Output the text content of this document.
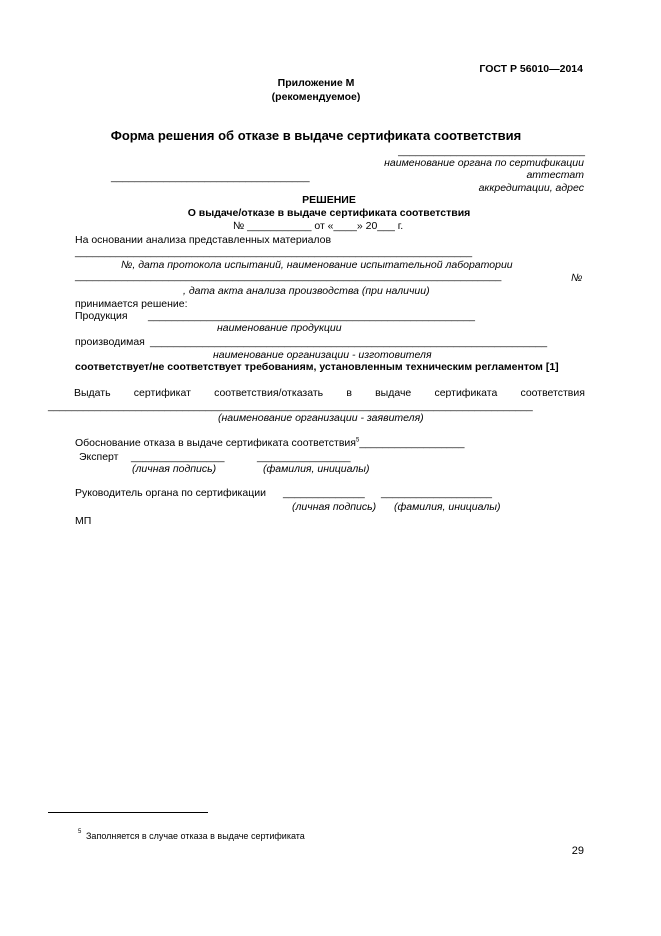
ГОСТ Р 56010—2014
Приложение М
(рекомендуемое)
Форма решения об отказе в выдаче сертификата соответствия
________________________________
наименование органа по сертификации
__________________________________	аттестат
аккредитации, адрес
РЕШЕНИЕ
О выдаче/отказе в выдаче сертификата соответствия
№ ___________ от «____» 20___ г.
На основании анализа представленных материалов
____________________________________________________________________
№, дата протокола испытаний, наименование испытательной лаборатории
_________________________________________________________________________	№
, дата акта анализа производства (при наличии)
принимается решение:
Продукция ________________________________________________________
наименование продукции
производимая ____________________________________________________________________
наименование организации - изготовителя
соответствует/не соответствует требованиям, установленным техническим регламентом [1]
Выдать сертификат соответствия/отказать в выдаче сертификата соответствия
___________________________________________________________________________________
(наименование организации - заявителя)
Обоснование отказа в выдаче сертификата соответствия$^5$__________________
Эксперт ________________	________________
(личная подпись)	(фамилия, инициалы)
Руководитель органа по сертификации ______________ ___________________
(личная подпись) (фамилия, инициалы)
МП
5 Заполняется в случае отказа в выдаче сертификата
29
